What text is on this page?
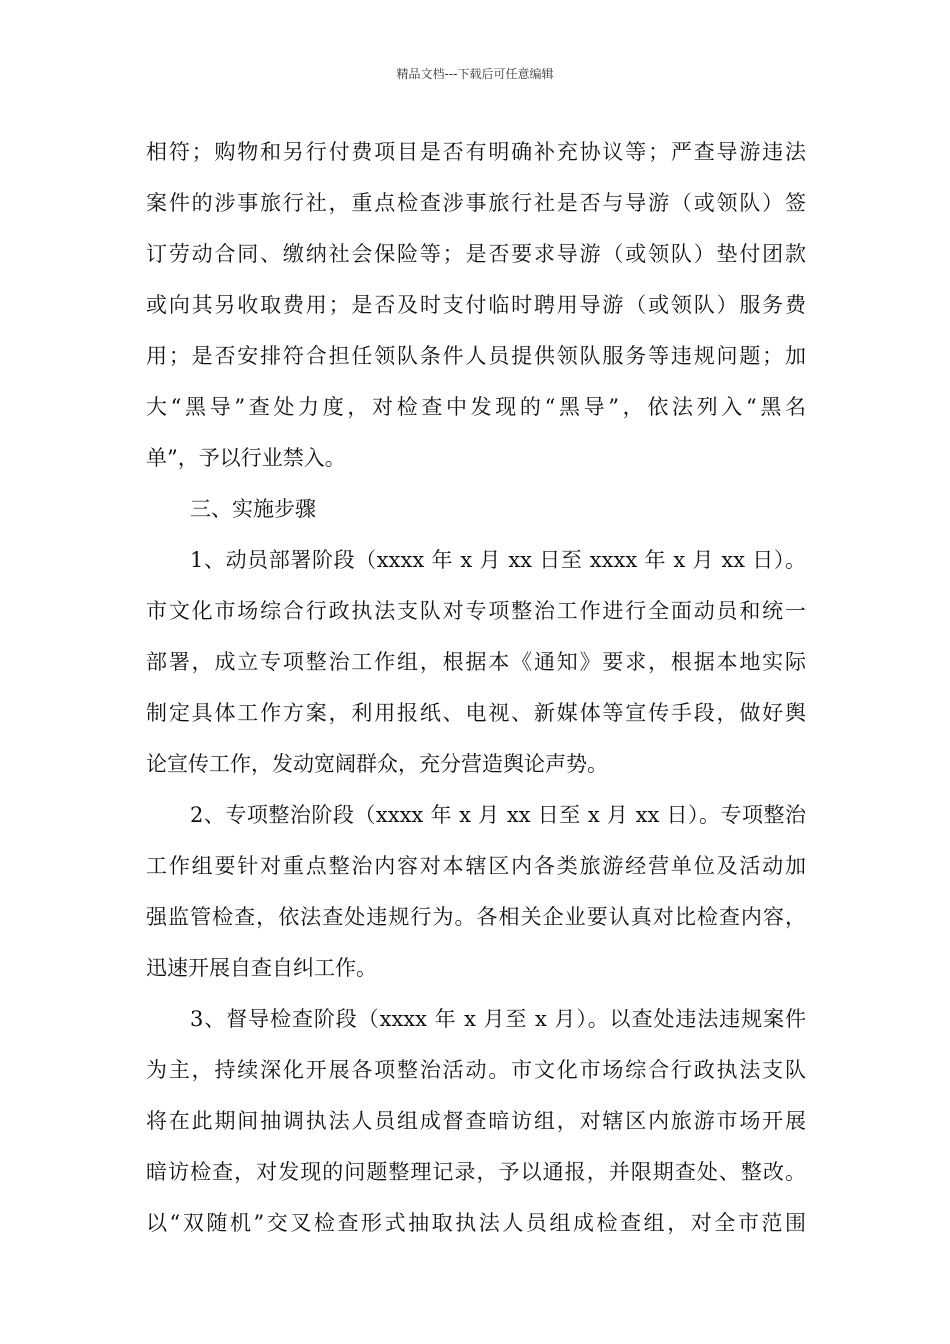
精品文档---下载后可任意编辑
相符；购物和另行付费项目是否有明确补充协议等；严查导游违法
案件的涉事旅行社，重点检查涉事旅行社是否与导游（或领队）签
订劳动合同、缴纳社会保险等；是否要求导游（或领队）垫付团款
或向其另收取费用；是否及时支付临时聘用导游（或领队）服务费
用；是否安排符合担任领队条件人员提供领队服务等违规问题；加
大“黑导”查处力度，对检查中发现的“黑导”，依法列入“黑名
单”，予以行业禁入。
三、实施步骤
1、动员部署阶段（xxxx 年 x 月 xx 日至 xxxx 年 x 月 xx 日）。
市文化市场综合行政执法支队对专项整治工作进行全面动员和统一
部署，成立专项整治工作组，根据本《通知》要求，根据本地实际
制定具体工作方案，利用报纸、电视、新媒体等宣传手段，做好舆
论宣传工作，发动宽阔群众，充分营造舆论声势。
2、专项整治阶段（xxxx 年 x 月 xx 日至 x 月 xx 日）。专项整治
工作组要针对重点整治内容对本辖区内各类旅游经营单位及活动加
强监管检查，依法查处违规行为。各相关企业要认真对比检查内容，
迅速开展自查自纠工作。
3、督导检查阶段（xxxx 年 x 月至 x 月）。以查处违法违规案件
为主，持续深化开展各项整治活动。市文化市场综合行政执法支队
将在此期间抽调执法人员组成督查暗访组，对辖区内旅游市场开展
暗访检查，对发现的问题整理记录，予以通报，并限期查处、整改。
以“双随机”交叉检查形式抽取执法人员组成检查组，对全市范围
